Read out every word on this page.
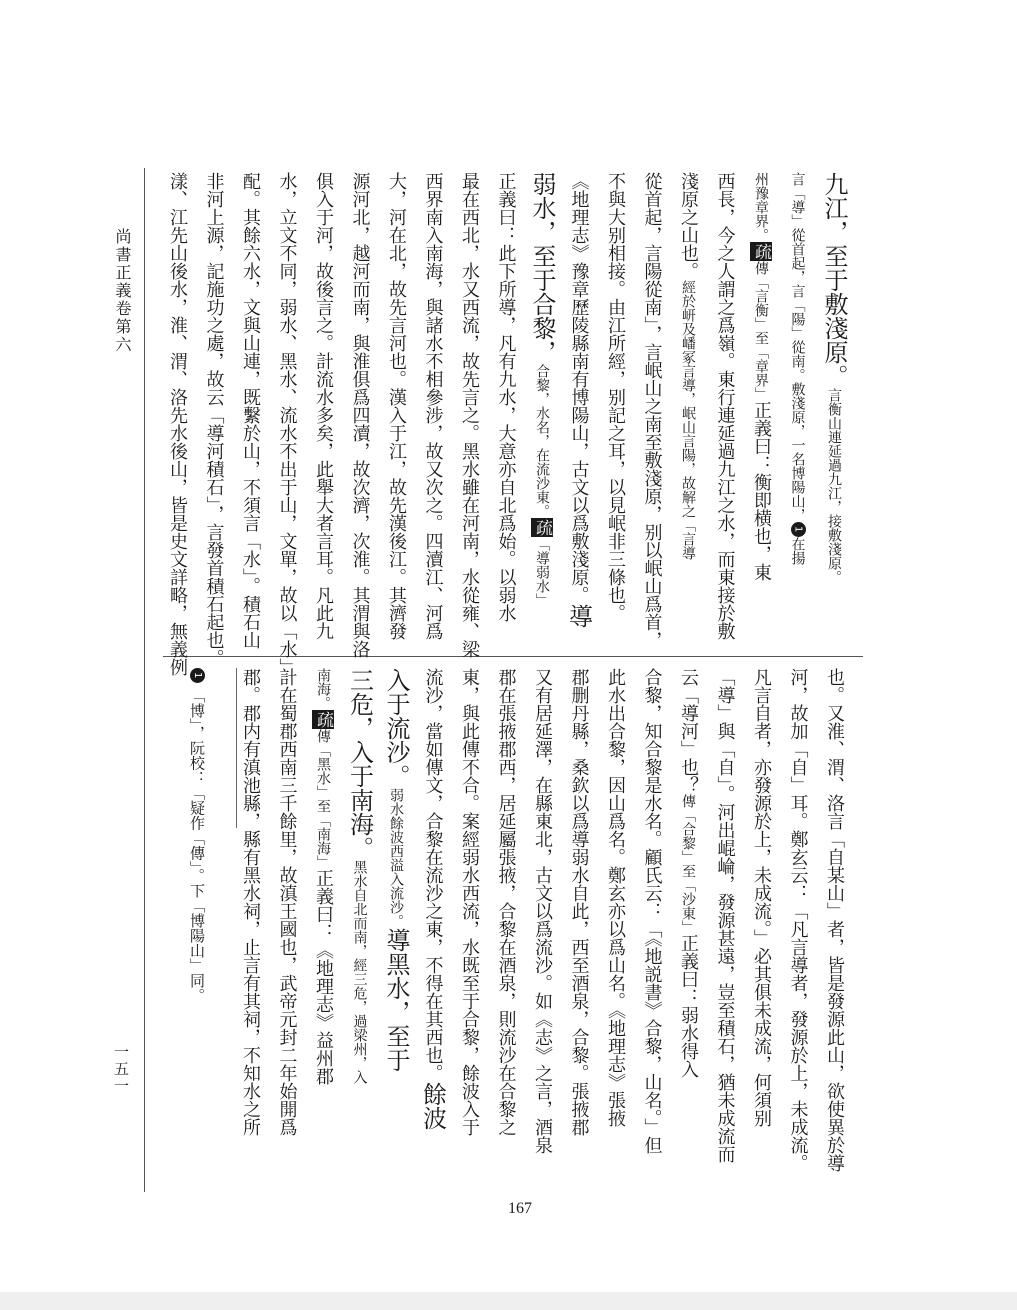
尚書正義卷第六
一五一
九江，至于敷淺原。言衡山連延過九江，接敷淺原。
言「導」從首起，言「陽」從南。敷淺原，一名博陽山，1在揚
州豫章界。疏傳「言衡」至「章界」正義曰：衡即横也，東
西長，今之人謂之爲嶺。東行連延過九江之水，而東接於敷
淺原之山也。經於岍及嶓冢言導，岷山言陽，故解之「言導
從首起，言陽從南」，言岷山之南至敷淺原，别以岷山爲首，
不與大别相接。由江所經，别記之耳，以見岷非三條也。
《地理志》豫章歷陵縣南有博陽山，古文以爲敷淺原。導
弱水，至于合黎，合黎，水名，在流沙東。疏「導弱水」
正義曰：此下所導，凡有九水，大意亦自北爲始。以弱水
最在西北，水又西流，故先言之。黑水雖在河南，水從雍、梁
西界南入南海，與諸水不相參涉，故又次之。四瀆江、河爲
大，河在北，故先言河也。漢入于江，故先漢後江。其濟發
源河北，越河而南，與淮俱爲四瀆，故次濟，次淮。其渭與洛
俱入于河，故後言之。計流水多矣，此舉大者言耳。凡此九
水，立文不同，弱水、黑水、流水不出于山，文單，故以「水」
配。其餘六水，文與山連，既繫於山，不須言「水」。積石山
非河上源，記施功之處，故云「導河積石」，言發首積石起也。
漾、江先山後水，淮、渭、洛先水後山，皆是史文詳略，無義例
也。又淮、渭、洛言「自某山」者，皆是發源此山，欲使異於導
河，故加「自」耳。鄭玄云：「凡言導者，發源於上，未成流。
凡言自者，亦發源於上，未成流。」必其俱未成流，何須别
「導」與「自」。河出崐崘，發源甚遠，豈至積石，猶未成流而
云「導河」也？傳「合黎」至「沙東」正義曰：弱水得入
合黎，知合黎是水名。顧氏云：「《地説書》合黎，山名。」但
此水出合黎，因山爲名。鄭玄亦以爲山名。《地理志》張掖
郡删丹縣，桑欽以爲導弱水自此，西至酒泉，合黎。張掖郡
又有居延澤，在縣東北，古文以爲流沙。如《志》之言，酒泉
郡在張掖郡西，居延屬張掖，合黎在酒泉，則流沙在合黎之
東，與此傳不合。案經弱水西流，水既至于合黎，餘波入于
流沙，當如傳文，合黎在流沙之東，不得在其西也。餘波
入于流沙。弱水餘波西溢入流沙。導黑水，至于
三危，入于南海。黑水自北而南，經三危，過梁州，入
南海。疏傳「黑水」至「南海」正義曰：《地理志》益州郡
計在蜀郡西南三千餘里，故滇王國也，武帝元封二年始開爲
郡。郡内有滇池縣，縣有黑水祠，止言有其祠，不知水之所
1 「博」，阮校：「疑作「傳」。下「博陽山」同。
167
